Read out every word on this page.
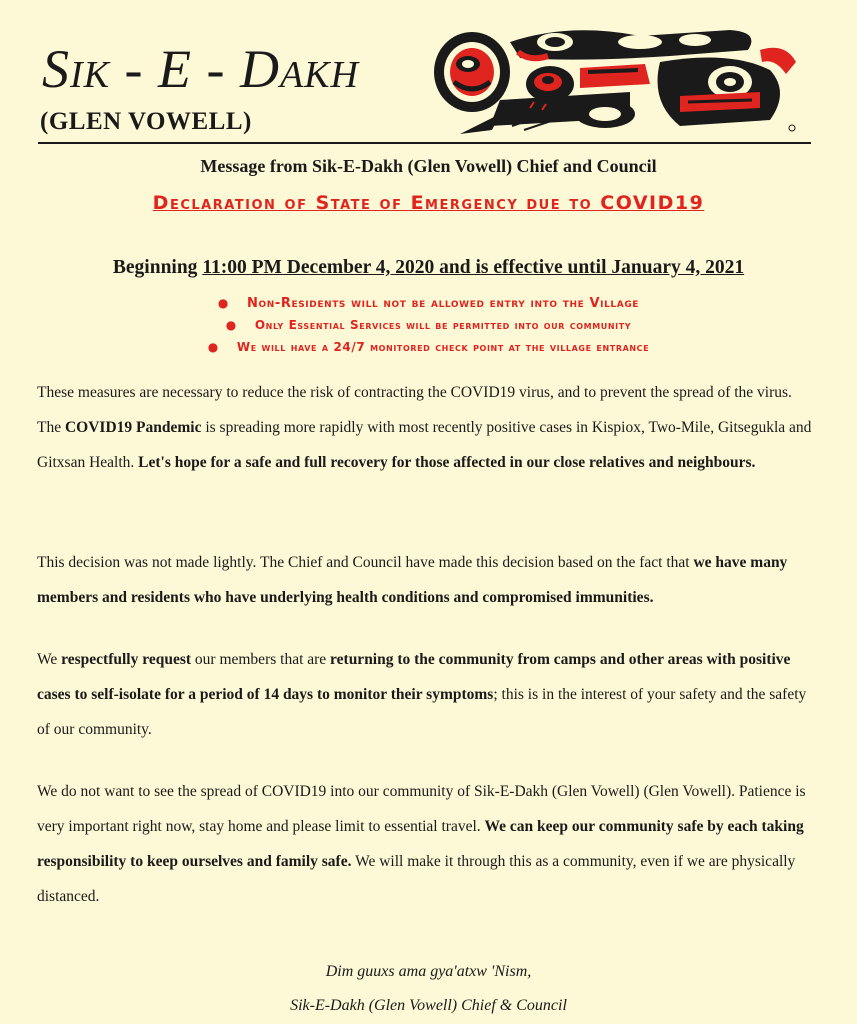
Sik - E - Dakh
(GLEN VOWELL)
Message from Sik-E-Dakh (Glen Vowell) Chief and Council
Declaration of State of Emergency due to COVID19
Beginning 11:00 PM December 4, 2020 and is effective until January 4, 2021
● Non-Residents will not be allowed entry into the Village
● Only Essential Services will be permitted into our community
● We will have a 24/7 monitored check point at the village entrance

These measures are necessary to reduce the risk of contracting the COVID19 virus, and to prevent the spread of the virus. The COVID19 Pandemic is spreading more rapidly with most recently positive cases in Kispiox, Two-Mile, Gitsegukla and Gitxsan Health. Let's hope for a safe and full recovery for those affected in our close relatives and neighbours.

This decision was not made lightly. The Chief and Council have made this decision based on the fact that we have many members and residents who have underlying health conditions and compromised immunities.

We respectfully request our members that are returning to the community from camps and other areas with positive cases to self-isolate for a period of 14 days to monitor their symptoms; this is in the interest of your safety and the safety of our community.

We do not want to see the spread of COVID19 into our community of Sik-E-Dakh (Glen Vowell) (Glen Vowell). Patience is very important right now, stay home and please limit to essential travel. We can keep our community safe by each taking responsibility to keep ourselves and family safe. We will make it through this as a community, even if we are physically distanced.

Dim guuxs ama gya'atxw 'Nism,
Sik-E-Dakh (Glen Vowell) Chief & Council
